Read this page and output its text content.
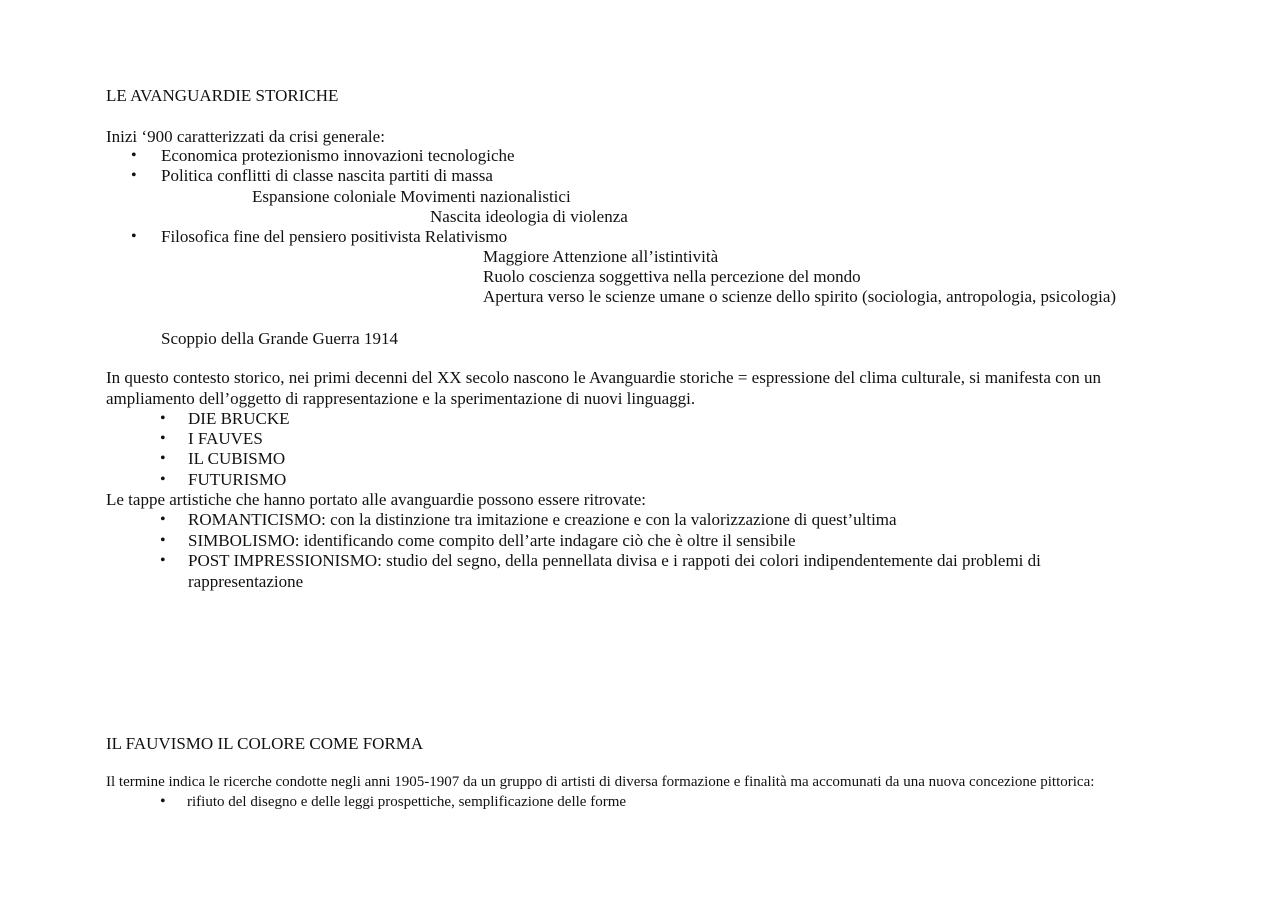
LE AVANGUARDIE STORICHE
Inizi ‘900 caratterizzati da crisi generale:
• Economica protezionismo innovazioni tecnologiche
• Politica conflitti di classe nascita partiti di massa
Espansione coloniale Movimenti nazionalistici
Nascita ideologia di violenza
• Filosofica fine del pensiero positivista Relativismo
Maggiore Attenzione all’istintività
Ruolo coscienza soggettiva nella percezione del mondo
Apertura verso le scienze umane o scienze dello spirito (sociologia, antropologia, psicologia)
Scoppio della Grande Guerra 1914
In questo contesto storico, nei primi decenni del XX secolo nascono le Avanguardie storiche = espressione del clima culturale, si manifesta con un
ampliamento dell’oggetto di rappresentazione e la sperimentazione di nuovi linguaggi.
• DIE BRUCKE
• I FAUVES
• IL CUBISMO
• FUTURISMO
Le tappe artistiche che hanno portato alle avanguardie possono essere ritrovate:
• ROMANTICISMO: con la distinzione tra imitazione e creazione e con la valorizzazione di quest’ultima
• SIMBOLISMO: identificando come compito dell’arte indagare ciò che è oltre il sensibile
• POST IMPRESSIONISMO: studio del segno, della pennellata divisa e i rappoti dei colori indipendentemente dai problemi di
rappresentazione
IL FAUVISMO IL COLORE COME FORMA
Il termine indica le ricerche condotte negli anni 1905-1907 da un gruppo di artisti di diversa formazione e finalità ma accomunati da una nuova concezione pittorica:
• rifiuto del disegno e delle leggi prospettiche, semplificazione delle forme
